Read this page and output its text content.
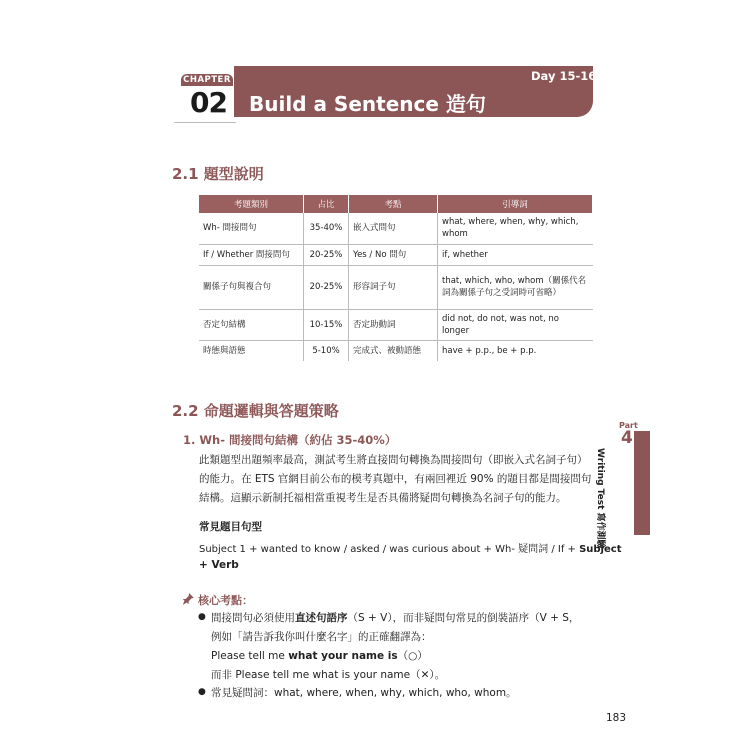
CHAPTER
02
Day 15-16
Build a Sentence 造句
2.1 題型說明
考題類別	占比	考點	引導詞
Wh- 間接問句	35-40%	嵌入式問句	what, where, when, why, which, whom
If / Whether 間接問句	20-25%	Yes / No 問句	if, whether
關係子句與複合句	20-25%	形容詞子句	that, which, who, whom（關係代名詞為關係子句之受詞時可省略）
否定句結構	10-15%	否定助動詞	did not, do not, was not, no longer
時態與語態	5-10%	完成式、被動語態	have + p.p., be + p.p.
2.2 命題邏輯與答題策略
1. Wh- 間接問句結構（約佔 35-40%）
此類題型出題頻率最高，測試考生將直接問句轉換為間接問句（即嵌入式名詞子句）
的能力。在 ETS 官網目前公布的模考真題中，有兩回裡近 90% 的題目都是間接問句
結構。這顯示新制托福相當重視考生是否具備將疑問句轉換為名詞子句的能力。
常見題目句型
Subject 1 + wanted to know / asked / was curious about + Wh- 疑問詞 / If + Subject
+ Verb
核心考點：
● 間接問句必須使用直述句語序（S + V），而非疑問句常見的倒裝語序（V + S，
例如「請告訴我你叫什麼名字」的正確翻譯為：
Please tell me what your name is（○）
而非 Please tell me what is your name（✕）。
● 常見疑問詞：what, where, when, why, which, who, whom。
Part
4
Writing Test 寫作測驗
183
